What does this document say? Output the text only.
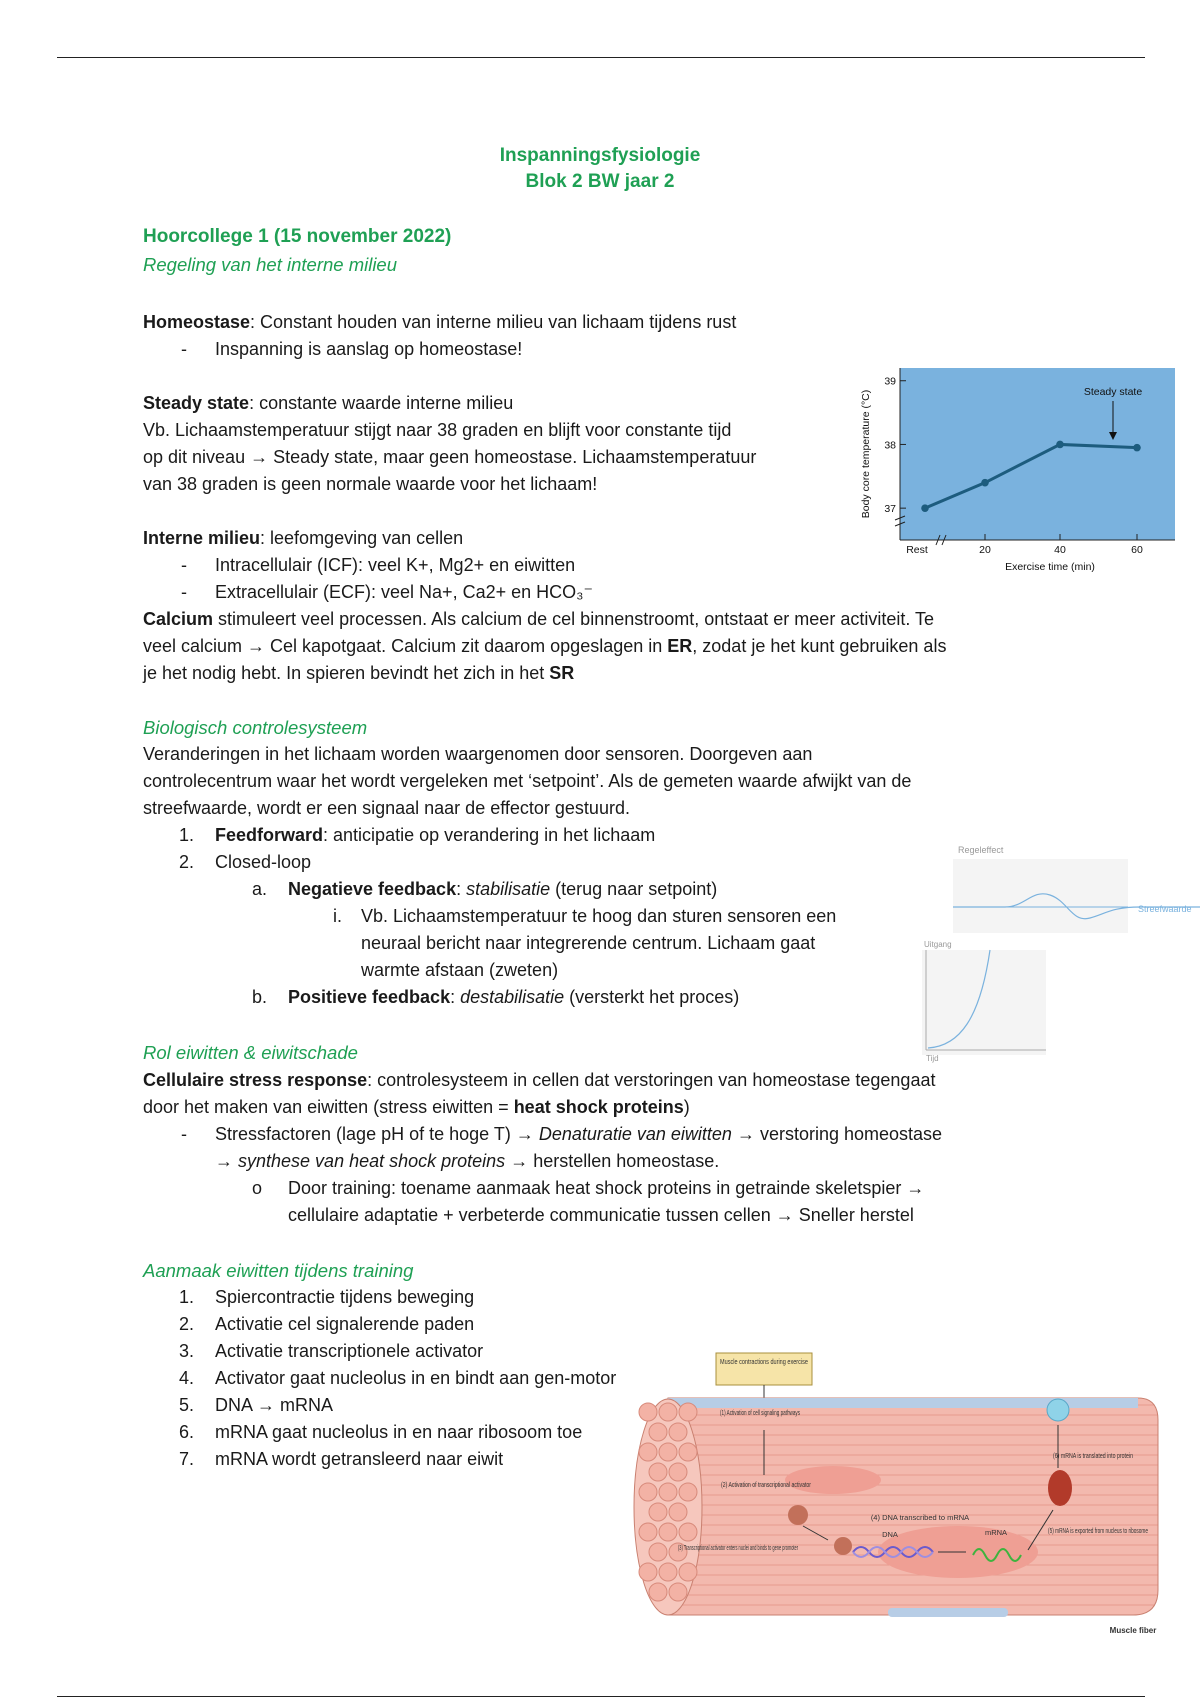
Inspanningsfysiologie
Blok 2 BW jaar 2
Hoorcollege 1 (15 november 2022)
Regeling van het interne milieu
Homeostase: Constant houden van interne milieu van lichaam tijdens rust
- Inspanning is aanslag op homeostase!
Steady state: constante waarde interne milieu
Vb. Lichaamstemperatuur stijgt naar 38 graden en blijft voor constante tijd
op dit niveau → Steady state, maar geen homeostase. Lichaamstemperatuur
van 38 graden is geen normale waarde voor het lichaam!
37
38
39
Rest	20	40	60
Steady state
Body core temperature (°C)
Exercise time (min)
Interne milieu: leefomgeving van cellen
- Intracellulair (ICF): veel K+, Mg2+ en eiwitten
- Extracellulair (ECF): veel Na+, Ca2+ en HCO₃⁻
Calcium stimuleert veel processen. Als calcium de cel binnenstroomt, ontstaat er meer activiteit. Te
veel calcium → Cel kapotgaat. Calcium zit daarom opgeslagen in ER, zodat je het kunt gebruiken als
je het nodig hebt. In spieren bevindt het zich in het SR
Biologisch controlesysteem
Veranderingen in het lichaam worden waargenomen door sensoren. Doorgeven aan
controlecentrum waar het wordt vergeleken met ‘setpoint’. Als de gemeten waarde afwijkt van de
streefwaarde, wordt er een signaal naar de effector gestuurd.
1. Feedforward: anticipatie op verandering in het lichaam
2. Closed-loop
a. Negatieve feedback: stabilisatie (terug naar setpoint)
i. Vb. Lichaamstemperatuur te hoog dan sturen sensoren een
neuraal bericht naar integrerende centrum. Lichaam gaat
warmte afstaan (zweten)
b. Positieve feedback: destabilisatie (versterkt het proces)
Regeleffect
Streefwaarde
Uitgang
Tijd
Rol eiwitten & eiwitschade
Cellulaire stress response: controlesysteem in cellen dat verstoringen van homeostase tegengaat
door het maken van eiwitten (stress eiwitten = heat shock proteins)
- Stressfactoren (lage pH of te hoge T) → Denaturatie van eiwitten → verstoring homeostase
→ synthese van heat shock proteins → herstellen homeostase.
o Door training: toename aanmaak heat shock proteins in getrainde skeletspier →
cellulaire adaptatie + verbeterde communicatie tussen cellen → Sneller herstel
Aanmaak eiwitten tijdens training
1. Spiercontractie tijdens beweging
2. Activatie cel signalerende paden
3. Activatie transcriptionele activator
4. Activator gaat nucleolus in en bindt aan gen-motor
5. DNA → mRNA
6. mRNA gaat nucleolus in en naar ribosoom toe
7. mRNA wordt getransleerd naar eiwit
Muscle contractions during exercise
DNA	mRNA
(1) Activation of cell signaling pathways
(2) Activation of transcriptional activator
(3) Transcriptional activator enters nuclei and binds to gene promoter
(4) DNA transcribed to mRNA
(5) mRNA is exported from nucleus to ribosome
(6) mRNA is translated into protein
Muscle fiber
